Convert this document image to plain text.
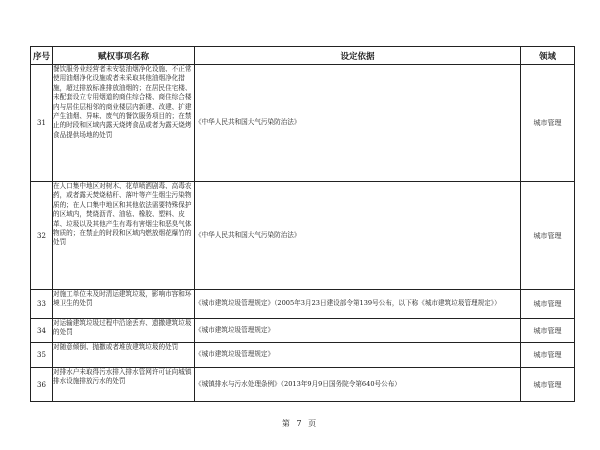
序号	赋权事项名称	设定依据	领域
31	餐饮服务业经营者未安装油烟净化设施、不正常使用油烟净化设施或者未采取其他油烟净化措施，超过排放标准排放油烟的；在居民住宅楼、未配套设立专用烟道的商住综合楼、商住综合楼内与居住层相邻的商业楼层内新建、改建、扩建产生油烟、异味、废气的餐饮服务项目的；在禁止的时段和区域内露天烧烤食品或者为露天烧烤食品提供场地的处罚	《中华人民共和国大气污染防治法》	城市管理
32	在人口集中地区对树木、花草喷洒剧毒、高毒农药，或者露天焚烧秸秆、落叶等产生烟尘污染物质的；在人口集中地区和其他依法需要特殊保护的区域内，焚烧沥青、油毡、橡胶、塑料、皮革、垃圾以及其他产生有毒有害烟尘和恶臭气体物质的；在禁止的时段和区域内燃放烟花爆竹的处罚	《中华人民共和国大气污染防治法》	城市管理
33	对施工单位未及时清运建筑垃圾，影响市容和环境卫生的处罚	《城市建筑垃圾管理规定》（2005年3月23日建设部令第139号公布，以下称《城市建筑垃圾管理规定》）	城市管理
34	对运输建筑垃圾过程中沿途丢弃、遗撒建筑垃圾的处罚	《城市建筑垃圾管理规定》	城市管理
35	对随意倾倒、抛撒或者堆放建筑垃圾的处罚	《城市建筑垃圾管理规定》	城市管理
36	对排水户未取得污水排入排水管网许可证向城镇排水设施排放污水的处罚	《城镇排水与污水处理条例》（2013年9月9日国务院令第640号公布）	城市管理
第 7 页
